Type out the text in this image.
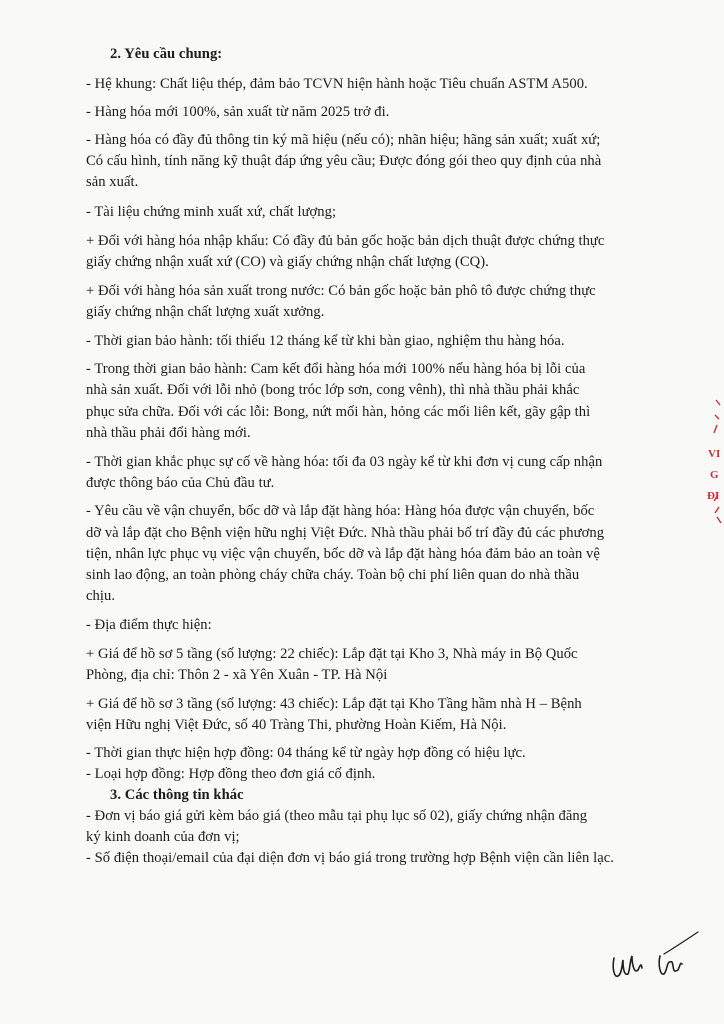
2. Yêu cầu chung:
- Hệ khung: Chất liệu thép, đảm bảo TCVN hiện hành hoặc Tiêu chuẩn ASTM A500.
- Hàng hóa mới 100%, sản xuất từ năm 2025 trở đi.
- Hàng hóa có đầy đủ thông tin ký mã hiệu (nếu có); nhãn hiệu; hãng sản xuất; xuất xứ;
Có cấu hình, tính năng kỹ thuật đáp ứng yêu cầu; Được đóng gói theo quy định của nhà
sản xuất.
- Tài liệu chứng minh xuất xứ, chất lượng;
+ Đối với hàng hóa nhập khẩu: Có đầy đủ bản gốc hoặc bản dịch thuật được chứng thực
giấy chứng nhận xuất xứ (CO) và giấy chứng nhận chất lượng (CQ).
+ Đối với hàng hóa sản xuất trong nước: Có bản gốc hoặc bản phô tô được chứng thực
giấy chứng nhận chất lượng xuất xưởng.
- Thời gian bảo hành: tối thiểu 12 tháng kể từ khi bàn giao, nghiệm thu hàng hóa.
- Trong thời gian bảo hành: Cam kết đổi hàng hóa mới 100% nếu hàng hóa bị lỗi của
nhà sản xuất. Đối với lỗi nhỏ (bong tróc lớp sơn, cong vênh), thì nhà thầu phải khắc
phục sửa chữa. Đối với các lỗi: Bong, nứt mối hàn, hỏng các mối liên kết, gãy gập thì
nhà thầu phải đổi hàng mới.
- Thời gian khắc phục sự cố về hàng hóa: tối đa 03 ngày kể từ khi đơn vị cung cấp nhận
được thông báo của Chủ đầu tư.
- Yêu cầu về vận chuyển, bốc dỡ và lắp đặt hàng hóa: Hàng hóa được vận chuyển, bốc
dỡ và lắp đặt cho Bệnh viện hữu nghị Việt Đức. Nhà thầu phải bố trí đầy đủ các phương
tiện, nhân lực phục vụ việc vận chuyển, bốc dỡ và lắp đặt hàng hóa đảm bảo an toàn vệ
sinh lao động, an toàn phòng cháy chữa cháy. Toàn bộ chi phí liên quan do nhà thầu
chịu.
- Địa điểm thực hiện:
+ Giá để hồ sơ 5 tầng (số lượng: 22 chiếc): Lắp đặt tại Kho 3, Nhà máy in Bộ Quốc
Phòng, địa chỉ: Thôn 2 - xã Yên Xuân - TP. Hà Nội
+ Giá để hồ sơ 3 tầng (số lượng: 43 chiếc): Lắp đặt tại Kho Tầng hầm nhà H – Bệnh
viện Hữu nghị Việt Đức, số 40 Tràng Thi, phường Hoàn Kiếm, Hà Nội.
- Thời gian thực hiện hợp đồng: 04 tháng kể từ ngày hợp đồng có hiệu lực.
- Loại hợp đồng: Hợp đồng theo đơn giá cố định.
3. Các thông tin khác
- Đơn vị báo giá gửi kèm báo giá (theo mẫu tại phụ lục số 02), giấy chứng nhận đăng
ký kinh doanh của đơn vị;
- Số điện thoại/email của đại diện đơn vị báo giá trong trường hợp Bệnh viện cần liên lạc.
VI
G
ĐI
